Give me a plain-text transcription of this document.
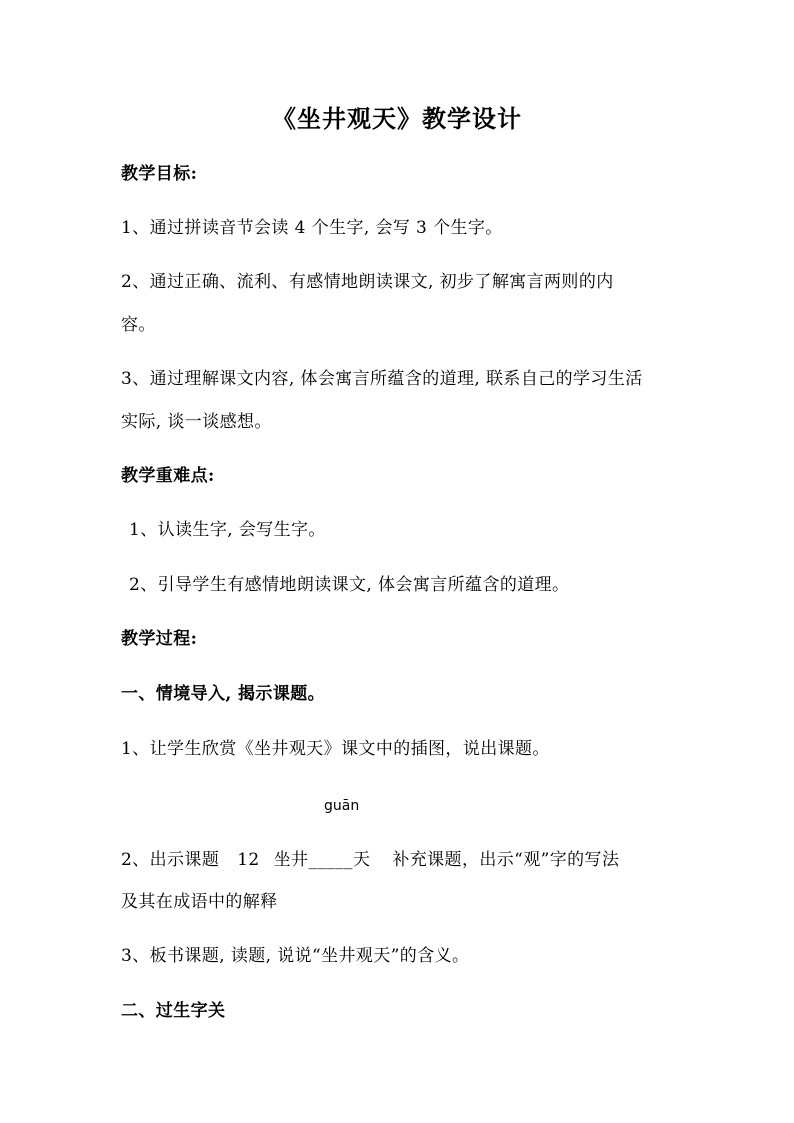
《坐井观天》教学设计
教学目标:
1、通过拼读音节会读 4 个生字, 会写 3 个生字。
2、通过正确、流利、有感情地朗读课文, 初步了解寓言两则的内
容。
3、通过理解课文内容, 体会寓言所蕴含的道理, 联系自己的学习生活
实际, 谈一谈感想。
教学重难点:
1、认读生字, 会写生字。
2、引导学生有感情地朗读课文, 体会寓言所蕴含的道理。
教学过程:
一、情境导入, 揭示课题。
1、让学生欣赏《坐井观天》课文中的插图，说出课题。
guān
2、出示课题 12 坐井_____天 补充课题，出示“观”字的写法
及其在成语中的解释
3、板书课题, 读题, 说说“坐井观天”的含义。
二、过生字关
